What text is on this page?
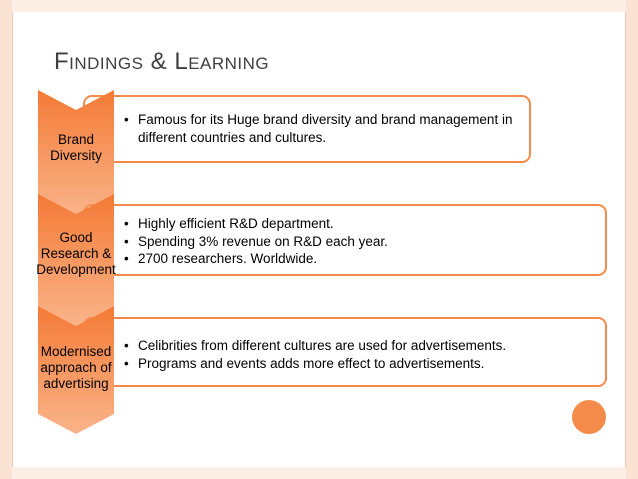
Findings & Learning
Brand Diversity
• Famous for its Huge brand diversity and brand management in different countries and cultures.
Good Research & Development
• Highly efficient R&D department.
• Spending 3% revenue on R&D each year.
• 2700 researchers. Worldwide.
Modernised approach of advertising
• Celibrities from different cultures are used for advertisements.
• Programs and events adds more effect to advertisements.
